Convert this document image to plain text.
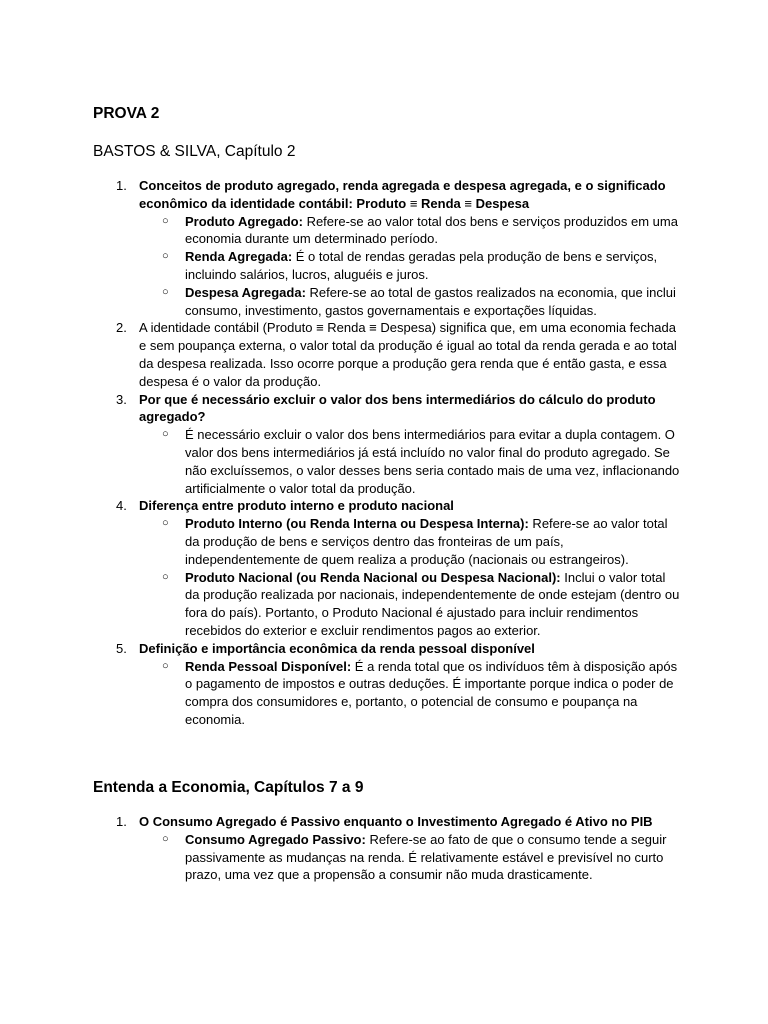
PROVA 2
BASTOS & SILVA, Capítulo 2
1. Conceitos de produto agregado, renda agregada e despesa agregada, e o significado econômico da identidade contábil: Produto ≡ Renda ≡ Despesa
○ Produto Agregado: Refere-se ao valor total dos bens e serviços produzidos em uma economia durante um determinado período.
○ Renda Agregada: É o total de rendas geradas pela produção de bens e serviços, incluindo salários, lucros, aluguéis e juros.
○ Despesa Agregada: Refere-se ao total de gastos realizados na economia, que inclui consumo, investimento, gastos governamentais e exportações líquidas.
2. A identidade contábil (Produto ≡ Renda ≡ Despesa) significa que, em uma economia fechada e sem poupança externa, o valor total da produção é igual ao total da renda gerada e ao total da despesa realizada. Isso ocorre porque a produção gera renda que é então gasta, e essa despesa é o valor da produção.
3. Por que é necessário excluir o valor dos bens intermediários do cálculo do produto agregado?
○ É necessário excluir o valor dos bens intermediários para evitar a dupla contagem. O valor dos bens intermediários já está incluído no valor final do produto agregado. Se não excluíssemos, o valor desses bens seria contado mais de uma vez, inflacionando artificialmente o valor total da produção.
4. Diferença entre produto interno e produto nacional
○ Produto Interno (ou Renda Interna ou Despesa Interna): Refere-se ao valor total da produção de bens e serviços dentro das fronteiras de um país, independentemente de quem realiza a produção (nacionais ou estrangeiros).
○ Produto Nacional (ou Renda Nacional ou Despesa Nacional): Inclui o valor total da produção realizada por nacionais, independentemente de onde estejam (dentro ou fora do país). Portanto, o Produto Nacional é ajustado para incluir rendimentos recebidos do exterior e excluir rendimentos pagos ao exterior.
5. Definição e importância econômica da renda pessoal disponível
○ Renda Pessoal Disponível: É a renda total que os indivíduos têm à disposição após o pagamento de impostos e outras deduções. É importante porque indica o poder de compra dos consumidores e, portanto, o potencial de consumo e poupança na economia.
Entenda a Economia, Capítulos 7 a 9
1. O Consumo Agregado é Passivo enquanto o Investimento Agregado é Ativo no PIB
○ Consumo Agregado Passivo: Refere-se ao fato de que o consumo tende a seguir passivamente as mudanças na renda. É relativamente estável e previsível no curto prazo, uma vez que a propensão a consumir não muda drasticamente.
